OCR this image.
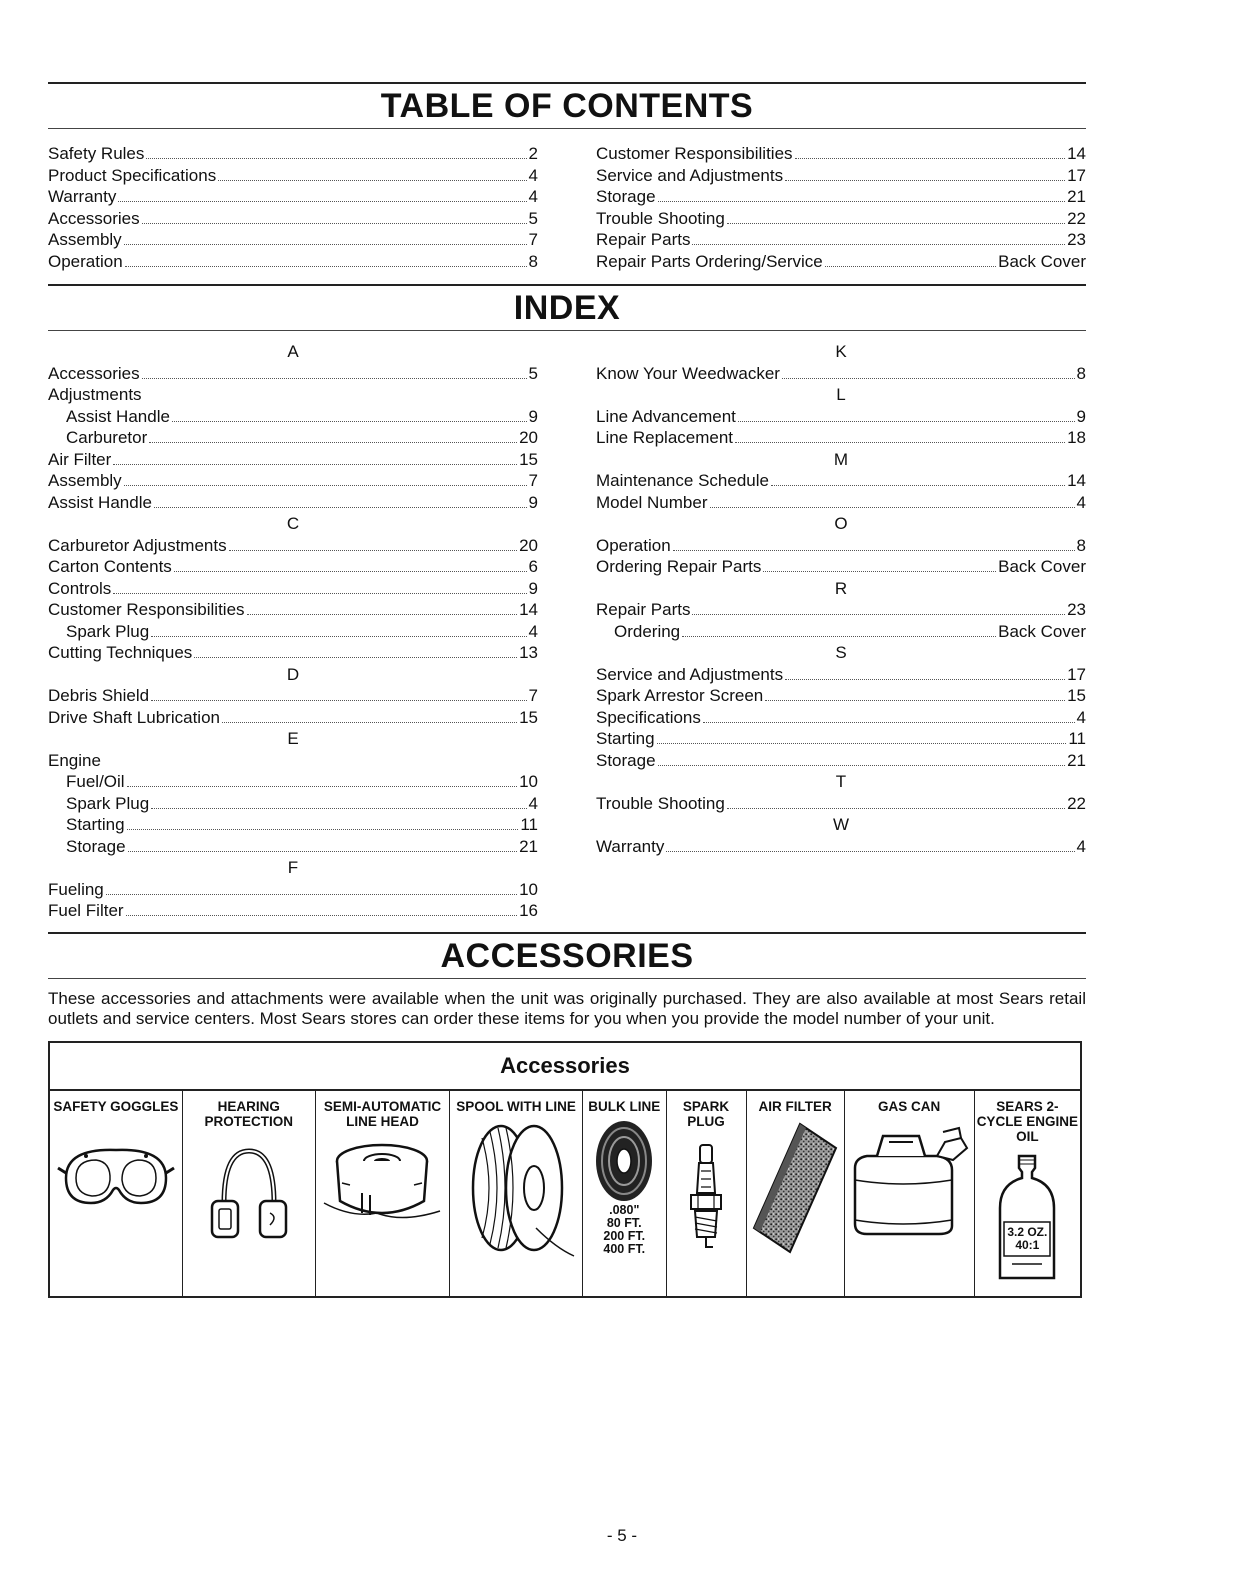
TABLE OF CONTENTS
Safety Rules	2
Product Specifications	4
Warranty	4
Accessories	5
Assembly	7
Operation	8
Customer Responsibilities	14
Service and Adjustments	17
Storage	21
Trouble Shooting	22
Repair Parts	23
Repair Parts Ordering/Service	Back Cover
INDEX
A
Accessories	5
Adjustments
Assist Handle	9
Carburetor	20
Air Filter	15
Assembly	7
Assist Handle	9
C
Carburetor Adjustments	20
Carton Contents	6
Controls	9
Customer Responsibilities	14
Spark Plug	4
Cutting Techniques	13
D
Debris Shield	7
Drive Shaft Lubrication	15
E
Engine
Fuel/Oil	10
Spark Plug	4
Starting	11
Storage	21
F
Fueling	10
Fuel Filter	16
K
Know Your Weedwacker	8
L
Line Advancement	9
Line Replacement	18
M
Maintenance Schedule	14
Model Number	4
O
Operation	8
Ordering Repair Parts	Back Cover
R
Repair Parts	23
Ordering	Back Cover
S
Service and Adjustments	17
Spark Arrestor Screen	15
Specifications	4
Starting	11
Storage	21
T
Trouble Shooting	22
W
Warranty	4
ACCESSORIES
These accessories and attachments were available when the unit was originally purchased. They are also available at most Sears retail outlets and service centers. Most Sears stores can order these items for you when you provide the model number of your unit.
Accessories

SAFETY GOGGLES	HEARING PROTECTION

SEMI-AUTOMATIC LINE HEAD

SPOOL WITH LINE	BULK LINE
.080"
80 FT.
200 FT.
400 FT.

SPARK PLUG

AIR FILTER	GAS CAN	SEARS 2-CYCLE ENGINE OIL
3.2 OZ.
40:1
- 5 -
